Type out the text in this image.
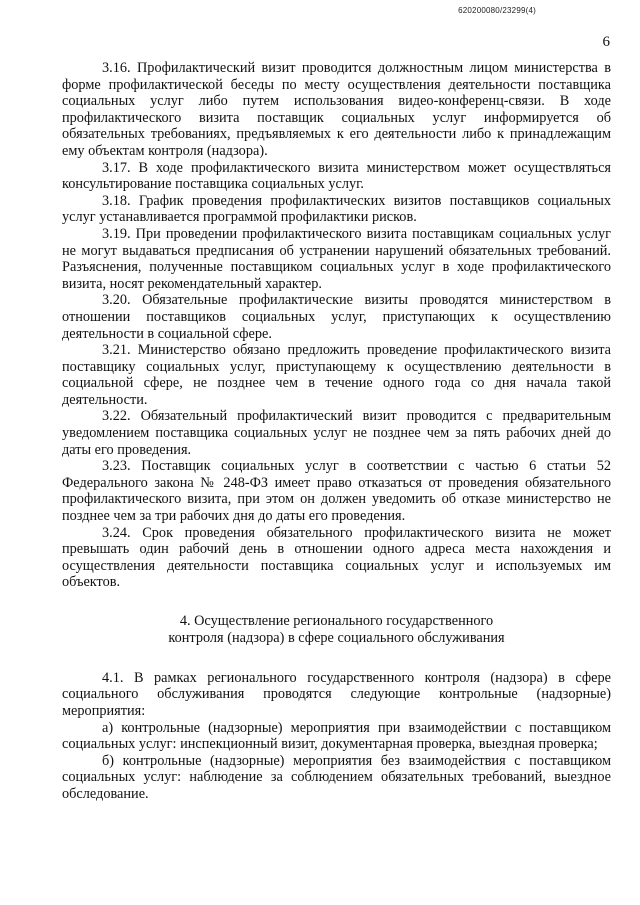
620200080/23299(4)
6

3.16. Профилактический визит проводится должностным лицом министерства в форме профилактической беседы по месту осуществления деятельности поставщика социальных услуг либо путем использования видео-конференц-связи. В ходе профилактического визита поставщик социальных услуг информируется об обязательных требованиях, предъявляемых к его деятельности либо к принадлежащим ему объектам контроля (надзора).

3.17. В ходе профилактического визита министерством может осуществляться консультирование поставщика социальных услуг.

3.18. График проведения профилактических визитов поставщиков социальных услуг устанавливается программой профилактики рисков.

3.19. При проведении профилактического визита поставщикам социальных услуг не могут выдаваться предписания об устранении нарушений обязательных требований. Разъяснения, полученные поставщиком социальных услуг в ходе профилактического визита, носят рекомендательный характер.

3.20. Обязательные профилактические визиты проводятся министерством в отношении поставщиков социальных услуг, приступающих к осуществлению деятельности в социальной сфере.

3.21. Министерство обязано предложить проведение профилактического визита поставщику социальных услуг, приступающему к осуществлению деятельности в социальной сфере, не позднее чем в течение одного года со дня начала такой деятельности.

3.22. Обязательный профилактический визит проводится с предварительным уведомлением поставщика социальных услуг не позднее чем за пять рабочих дней до даты его проведения.

3.23. Поставщик социальных услуг в соответствии с частью 6 статьи 52 Федерального закона № 248-ФЗ имеет право отказаться от проведения обязательного профилактического визита, при этом он должен уведомить об отказе министерство не позднее чем за три рабочих дня до даты его проведения.

3.24. Срок проведения обязательного профилактического визита не может превышать один рабочий день в отношении одного адреса места нахождения и осуществления деятельности поставщика социальных услуг и используемых им объектов.

4. Осуществление регионального государственного
контроля (надзора) в сфере социального обслуживания

4.1. В рамках регионального государственного контроля (надзора) в сфере социального обслуживания проводятся следующие контрольные (надзорные) мероприятия:

а) контрольные (надзорные) мероприятия при взаимодействии с поставщиком социальных услуг: инспекционный визит, документарная проверка, выездная проверка;

б) контрольные (надзорные) мероприятия без взаимодействия с поставщиком социальных услуг: наблюдение за соблюдением обязательных требований, выездное обследование.
